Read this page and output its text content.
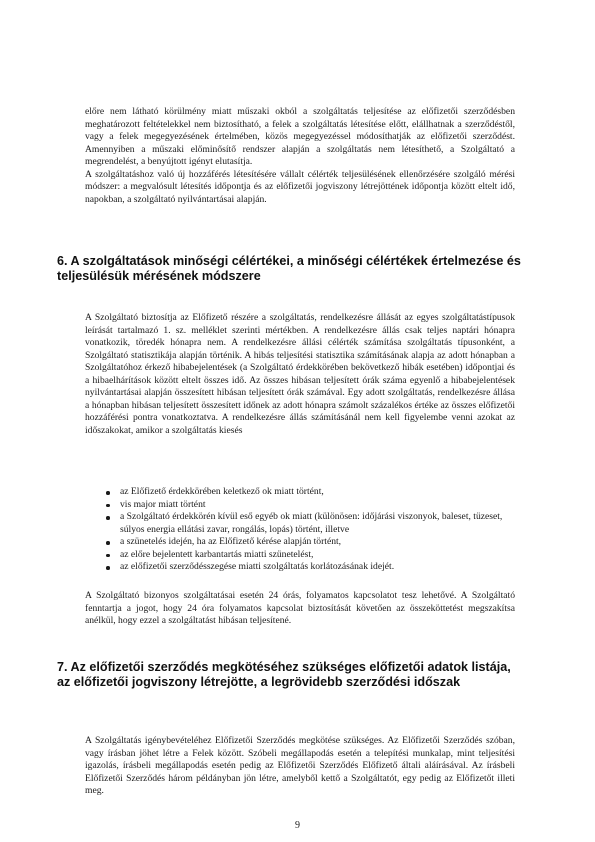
előre nem látható körülmény miatt műszaki okból a szolgáltatás teljesítése az előfizetői szerződésben meghatározott feltételekkel nem biztosítható, a felek a szolgáltatás létesítése előtt, elállhatnak a szerződéstől, vagy a felek megegyezésének értelmében, közös megegyezéssel módosíthatják az előfizetői szerződést. Amennyiben a műszaki előminősítő rendszer alapján a szolgáltatás nem létesíthető, a Szolgáltató a megrendelést, a benyújtott igényt elutasítja.

A szolgáltatáshoz való új hozzáférés létesítésére vállalt célérték teljesülésének ellenőrzésére szolgáló mérési módszer: a megvalósult létesítés időpontja és az előfizetői jogviszony létrejöttének időpontja között eltelt idő, napokban, a szolgáltató nyilvántartásai alapján.

6. A szolgáltatások minőségi célértékei, a minőségi célértékek értelmezése és teljesülésük mérésének módszere
A Szolgáltató biztosítja az Előfizető részére a szolgáltatás, rendelkezésre állását az egyes szolgáltatástípusok leírását tartalmazó 1. sz. melléklet szerinti mértékben. A rendelkezésre állás csak teljes naptári hónapra vonatkozik, töredék hónapra nem. A rendelkezésre állási célérték számítása szolgáltatás típusonként, a Szolgáltató statisztikája alapján történik. A hibás teljesítési statisztika számításának alapja az adott hónapban a Szolgáltatóhoz érkező hibabejelentések (a Szolgáltató érdekkörében bekövetkező hibák esetében) időpontjai és a hibaelhárítások között eltelt összes idő. Az összes hibásan teljesített órák száma egyenlő a hibabejelentések nyilvántartásai alapján összesített hibásan teljesített órák számával. Egy adott szolgáltatás, rendelkezésre állása a hónapban hibásan teljesített összesített időnek az adott hónapra számolt százalékos értéke az összes előfizetői hozzáférési pontra vonatkoztatva. A rendelkezésre állás számításánál nem kell figyelembe venni azokat az időszakokat, amikor a szolgáltatás kiesés
az Előfizető érdekkörében keletkező ok miatt történt,
vis major miatt történt
a Szolgáltató érdekkörén kívül eső egyéb ok miatt (különösen: időjárási viszonyok, baleset, tüzeset, súlyos energia ellátási zavar, rongálás, lopás) történt, illetve
a szünetelés idején, ha az Előfizető kérése alapján történt,
az előre bejelentett karbantartás miatti szünetelést,
az előfizetői szerződésszegése miatti szolgáltatás korlátozásának idejét.
A Szolgáltató bizonyos szolgáltatásai esetén 24 órás, folyamatos kapcsolatot tesz lehetővé. A Szolgáltató fenntartja a jogot, hogy 24 óra folyamatos kapcsolat biztosítását követően az összeköttetést megszakítsa anélkül, hogy ezzel a szolgáltatást hibásan teljesítené.
7. Az előfizetői szerződés megkötéséhez szükséges előfizetői adatok listája, az előfizetői jogviszony létrejötte, a legrövidebb szerződési időszak
A Szolgáltatás igénybevételéhez Előfizetői Szerződés megkötése szükséges. Az Előfizetői Szerződés szóban, vagy írásban jöhet létre a Felek között. Szóbeli megállapodás esetén a telepítési munkalap, mint teljesítési igazolás, írásbeli megállapodás esetén pedig az Előfizetői Szerződés Előfizető általi aláírásával. Az írásbeli Előfizetői Szerződés három példányban jön létre, amelyből kettő a Szolgáltatót, egy pedig az Előfizetőt illeti meg.
9
